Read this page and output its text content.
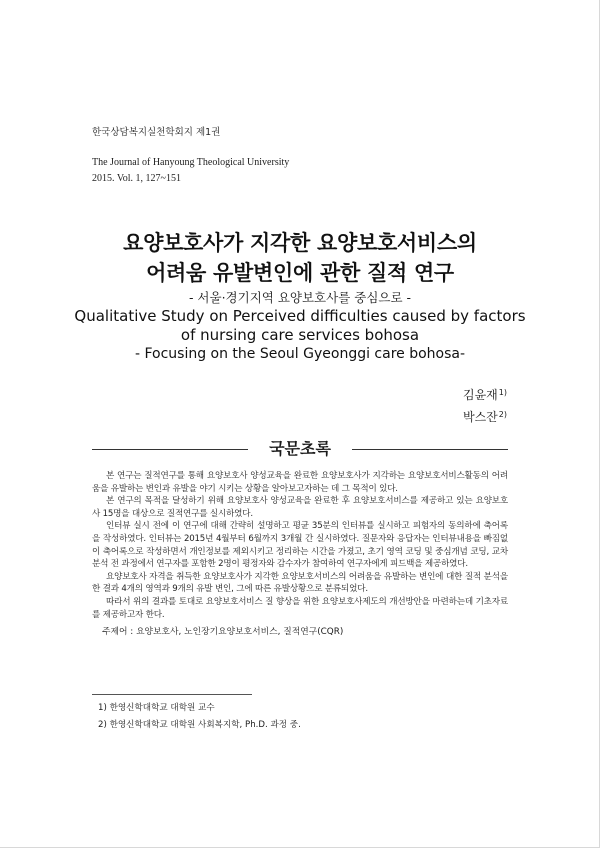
한국상담복지실천학회지 제1권

The Journal of Hanyoung Theological University

2015. Vol. 1, 127~151

요양보호사가 지각한 요양보호서비스의

어려움 유발변인에 관한 질적 연구

- 서울·경기지역 요양보호사를 중심으로 -

Qualitative Study on Perceived difficulties caused by factors

of nursing care services bohosa

- Focusing on the Seoul Gyeonggi care bohosa-

김윤재$^{1)}$
박스잔$^{2)}$

국문초록

본 연구는 질적연구를 통해 요양보호사 양성교육을 완료한 요양보호사가 지각하는 요양보호서비스활동의 어려움을 유발하는 변인과 유발을 야기 시키는 상황을 알아보고자하는 데 그 목적이 있다.

본 연구의 목적을 달성하기 위해 요양보호사 양성교육을 완료한 후 요양보호서비스를 제공하고 있는 요양보호사 15명을 대상으로 질적연구를 실시하였다.

인터뷰 실시 전에 이 연구에 대해 간략히 설명하고 평균 35분의 인터뷰를 실시하고 피험자의 동의하에 축어록을 작성하였다. 인터뷰는 2015년 4월부터 6월까지 3개월 간 실시하였다. 질문자와 응답자는 인터뷰내용을 빠짐없이 축어록으로 작성하면서 개인정보를 제외시키고 정리하는 시간을 가졌고, 초기 영역 코딩 및 중심개념 코딩, 교차분석 전 과정에서 연구자를 포함한 2명이 평정자와 감수자가 참여하여 연구자에게 피드백을 제공하였다.

요양보호사 자격을 취득한 요양보호사가 지각한 요양보호서비스의 어려움을 유발하는 변인에 대한 질적 분석을 한 결과 4개의 영역과 9개의 유발 변인, 그에 따른 유발상황으로 분류되었다.

따라서 위의 결과를 토대로 요양보호서비스 질 향상을 위한 요양보호사제도의 개선방안을 마련하는데 기초자료를 제공하고자 한다.

주제어 : 요양보호사, 노인장기요양보호서비스, 질적연구(CQR)

1) 한영신학대학교 대학원 교수

2) 한영신학대학교 대학원 사회복지학, Ph.D. 과정 중.
